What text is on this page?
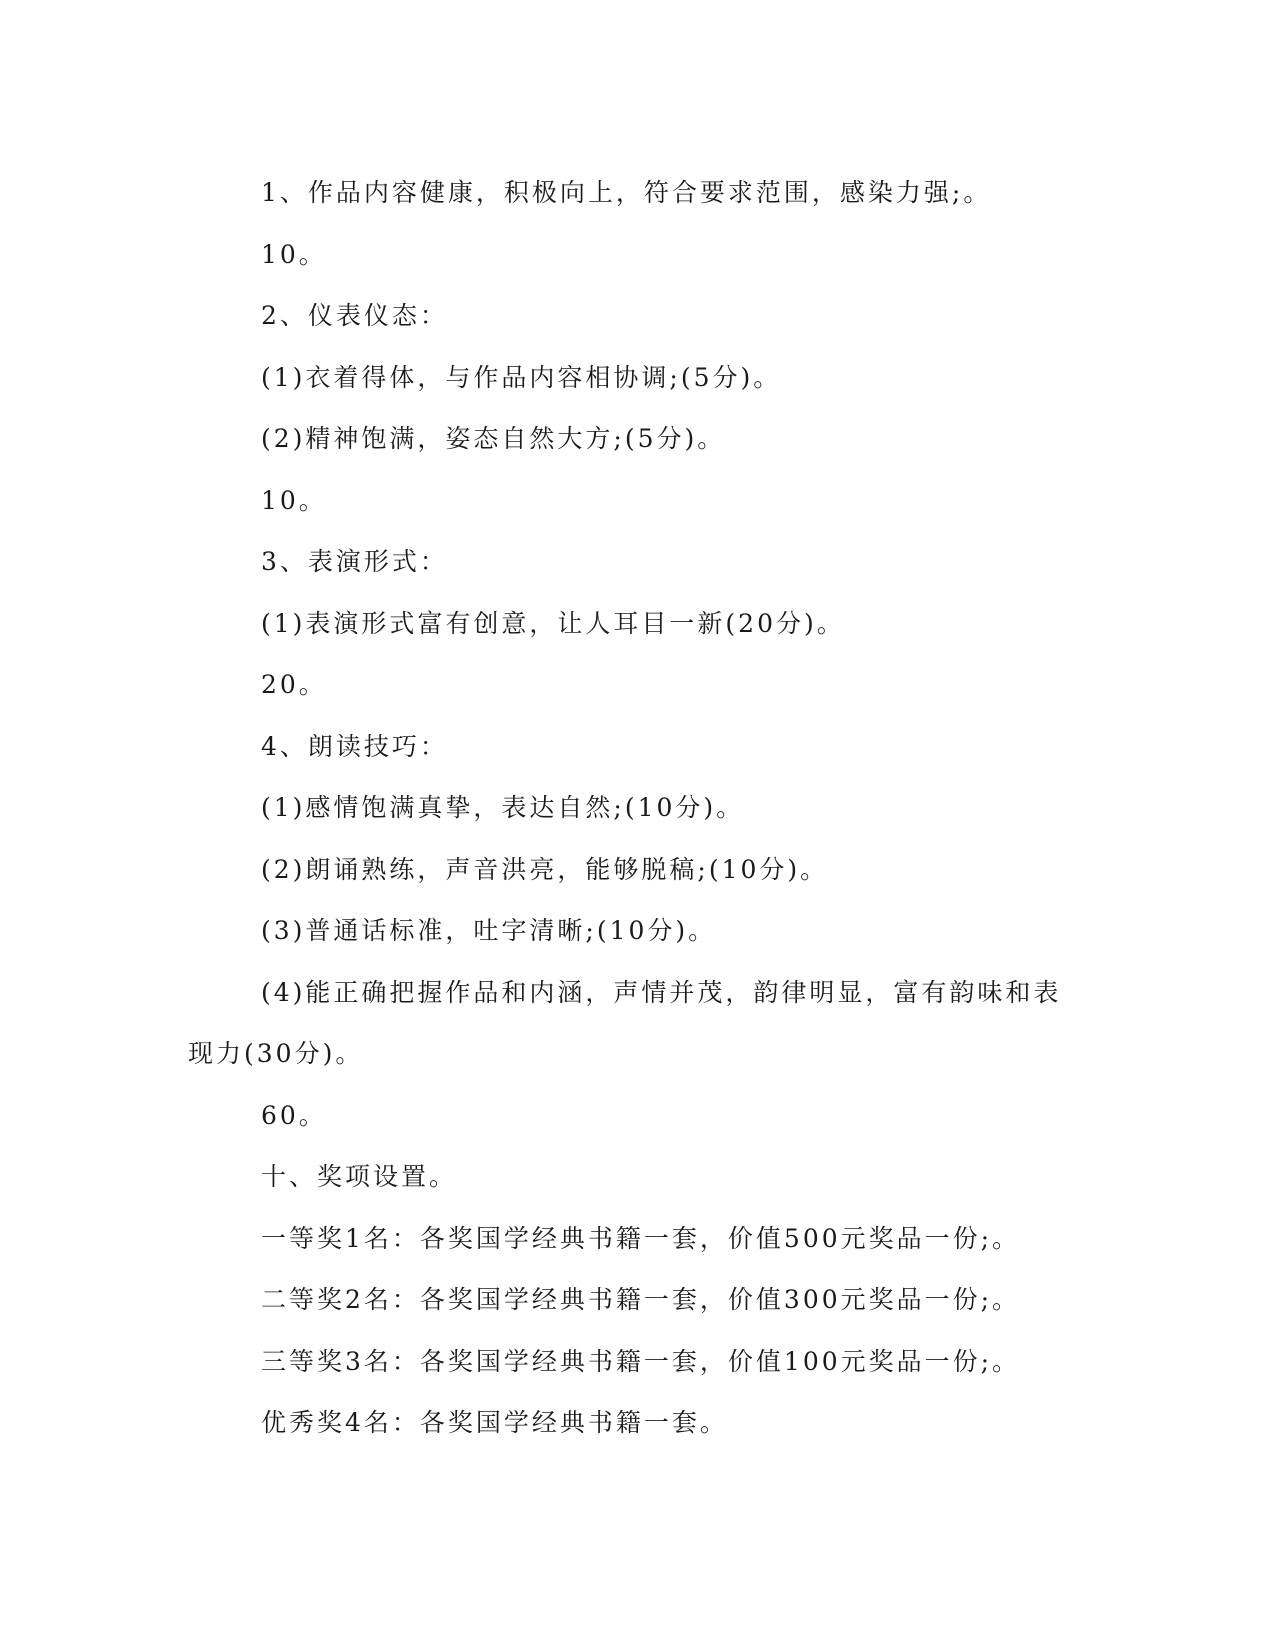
1、作品内容健康，积极向上，符合要求范围，感染力强;。

10。

2、仪表仪态：

(1)衣着得体，与作品内容相协调;(5分)。

(2)精神饱满，姿态自然大方;(5分)。

10。

3、表演形式：

(1)表演形式富有创意，让人耳目一新(20分)。

20。

4、朗读技巧：

(1)感情饱满真挚，表达自然;(10分)。

(2)朗诵熟练，声音洪亮，能够脱稿;(10分)。

(3)普通话标准，吐字清晰;(10分)。

(4)能正确把握作品和内涵，声情并茂，韵律明显，富有韵味和表现力(30分)。

60。

十、奖项设置。

一等奖1名：各奖国学经典书籍一套，价值500元奖品一份;。

二等奖2名：各奖国学经典书籍一套，价值300元奖品一份;。

三等奖3名：各奖国学经典书籍一套，价值100元奖品一份;。

优秀奖4名：各奖国学经典书籍一套。
